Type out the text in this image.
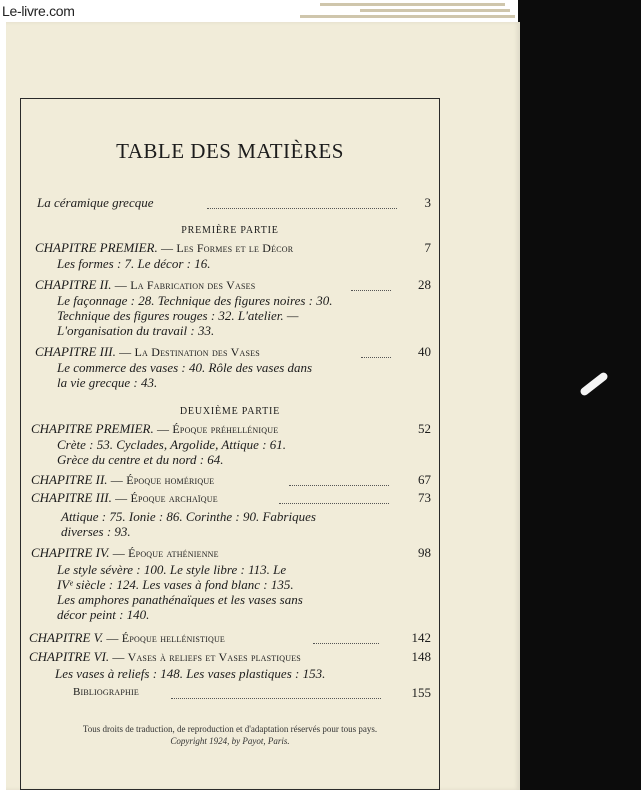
TABLE DES MATIÈRES
La céramique grecque	3
PREMIÈRE PARTIE
CHAPITRE PREMIER. — Les Formes et le Décor	7
Les formes : 7. Le décor : 16.
CHAPITRE II. — La Fabrication des Vases	28
Le façonnage : 28. Technique des figures noires : 30.
Technique des figures rouges : 32. L'atelier. —
L'organisation du travail : 33.
CHAPITRE III. — La Destination des Vases	40
Le commerce des vases : 40. Rôle des vases dans
la vie grecque : 43.
DEUXIÈME PARTIE
CHAPITRE PREMIER. — Époque préhellénique	52
Crète : 53. Cyclades, Argolide, Attique : 61.
Grèce du centre et du nord : 64.
CHAPITRE II. — Époque homérique	67
CHAPITRE III. — Époque archaïque	73
Attique : 75. Ionie : 86. Corinthe : 90. Fabriques
diverses : 93.
CHAPITRE IV. — Époque athénienne	98
Le style sévère : 100. Le style libre : 113. Le
IVᵉ siècle : 124. Les vases à fond blanc : 135.
Les amphores panathénaïques et les vases sans
décor peint : 140.
CHAPITRE V. — Époque hellénistique	142
CHAPITRE VI. — Vases à reliefs et Vases plastiques	148
Les vases à reliefs : 148. Les vases plastiques : 153.
Bibliographie	155
Tous droits de traduction, de reproduction et d'adaptation réservés pour tous pays.
Copyright 1924, by Payot, Paris.
Le-livre.com
